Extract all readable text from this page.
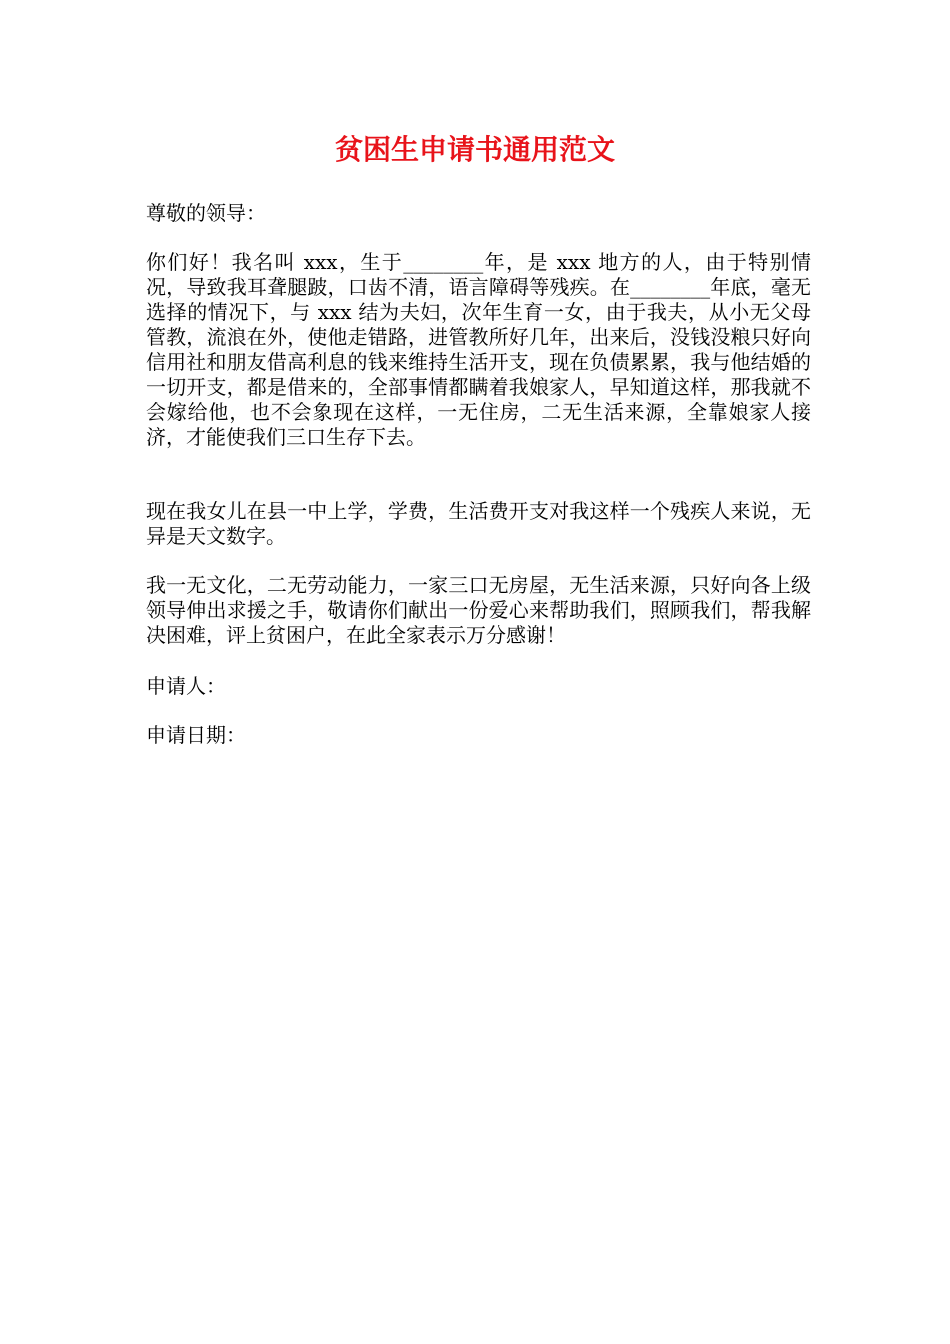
贫困生申请书通用范文

尊敬的领导：

你们好！我名叫 xxx，生于________年，是 xxx 地方的人，由于特别情况，导致我耳聋腿跛，口齿不清，语言障碍等残疾。在________年底，毫无选择的情况下，与 xxx 结为夫妇，次年生育一女，由于我夫，从小无父母管教，流浪在外，使他走错路，进管教所好几年，出来后，没钱没粮只好向信用社和朋友借高利息的钱来维持生活开支，现在负债累累，我与他结婚的一切开支，都是借来的，全部事情都瞒着我娘家人，早知道这样，那我就不会嫁给他，也不会象现在这样，一无住房，二无生活来源，全靠娘家人接济，才能使我们三口生存下去。

现在我女儿在县一中上学，学费，生活费开支对我这样一个残疾人来说，无异是天文数字。

我一无文化，二无劳动能力，一家三口无房屋，无生活来源，只好向各上级领导伸出求援之手，敬请你们献出一份爱心来帮助我们，照顾我们，帮我解决困难，评上贫困户，在此全家表示万分感谢！

申请人：

申请日期：
